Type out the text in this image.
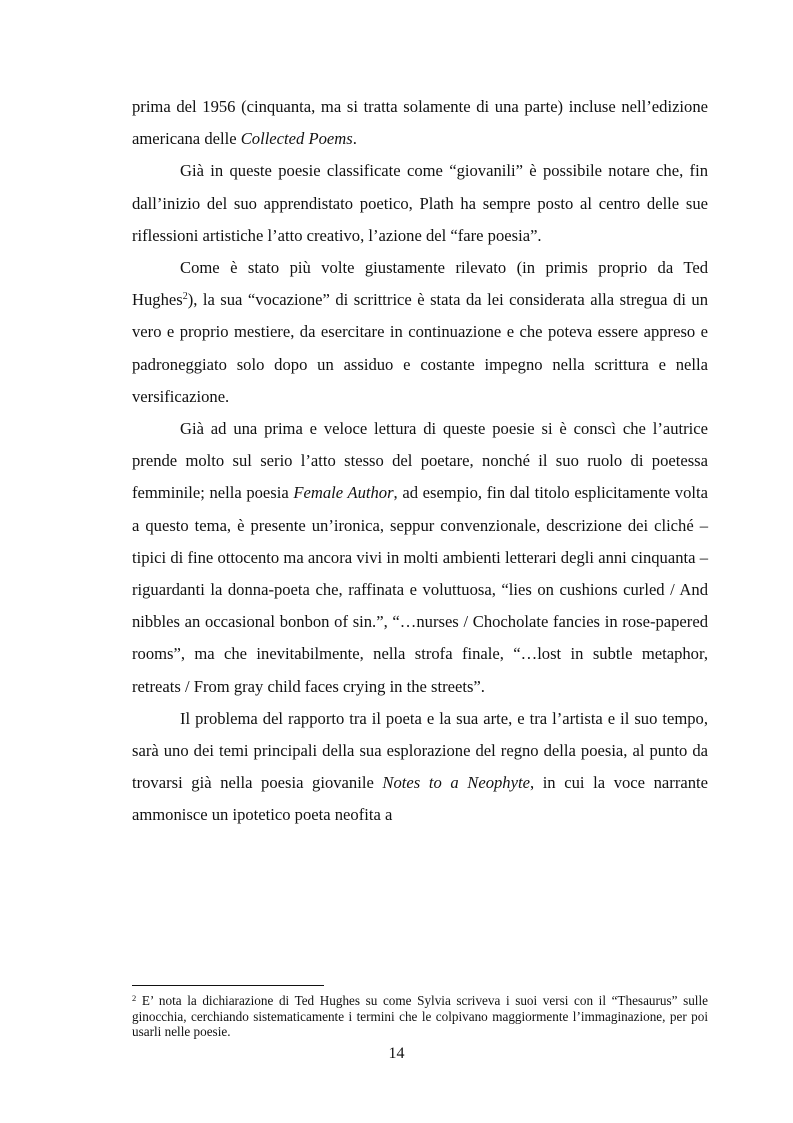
prima del 1956 (cinquanta, ma si tratta solamente di una parte) incluse nell’edizione americana delle Collected Poems.

Già in queste poesie classificate come “giovanili” è possibile notare che, fin dall’inizio del suo apprendistato poetico, Plath ha sempre posto al centro delle sue riflessioni artistiche l’atto creativo, l’azione del “fare poesia”.

Come è stato più volte giustamente rilevato (in primis proprio da Ted Hughes$^2$), la sua “vocazione” di scrittrice è stata da lei considerata alla stregua di un vero e proprio mestiere, da esercitare in continuazione e che poteva essere appreso e padroneggiato solo dopo un assiduo e costante impegno nella scrittura e nella versificazione.

Già ad una prima e veloce lettura di queste poesie si è conscì che l’autrice prende molto sul serio l’atto stesso del poetare, nonché il suo ruolo di poetessa femminile; nella poesia Female Author, ad esempio, fin dal titolo esplicitamente volta a questo tema, è presente un’ironica, seppur convenzionale, descrizione dei cliché – tipici di fine ottocento ma ancora vivi in molti ambienti letterari degli anni cinquanta – riguardanti la donna-poeta che, raffinata e voluttuosa, “lies on cushions curled / And nibbles an occasional bonbon of sin.”, “…nurses / Chocholate fancies in rose-papered rooms”, ma che inevitabilmente, nella strofa finale, “…lost in subtle metaphor, retreats / From gray child faces crying in the streets”.

Il problema del rapporto tra il poeta e la sua arte, e tra l’artista e il suo tempo, sarà uno dei temi principali della sua esplorazione del regno della poesia, al punto da trovarsi già nella poesia giovanile Notes to a Neophyte, in cui la voce narrante ammonisce un ipotetico poeta neofita a

$^2$ E’ nota la dichiarazione di Ted Hughes su come Sylvia scriveva i suoi versi con il “Thesaurus” sulle ginocchia, cerchiando sistematicamente i termini che le colpivano maggiormente l’immaginazione, per poi usarli nelle poesie.

14
